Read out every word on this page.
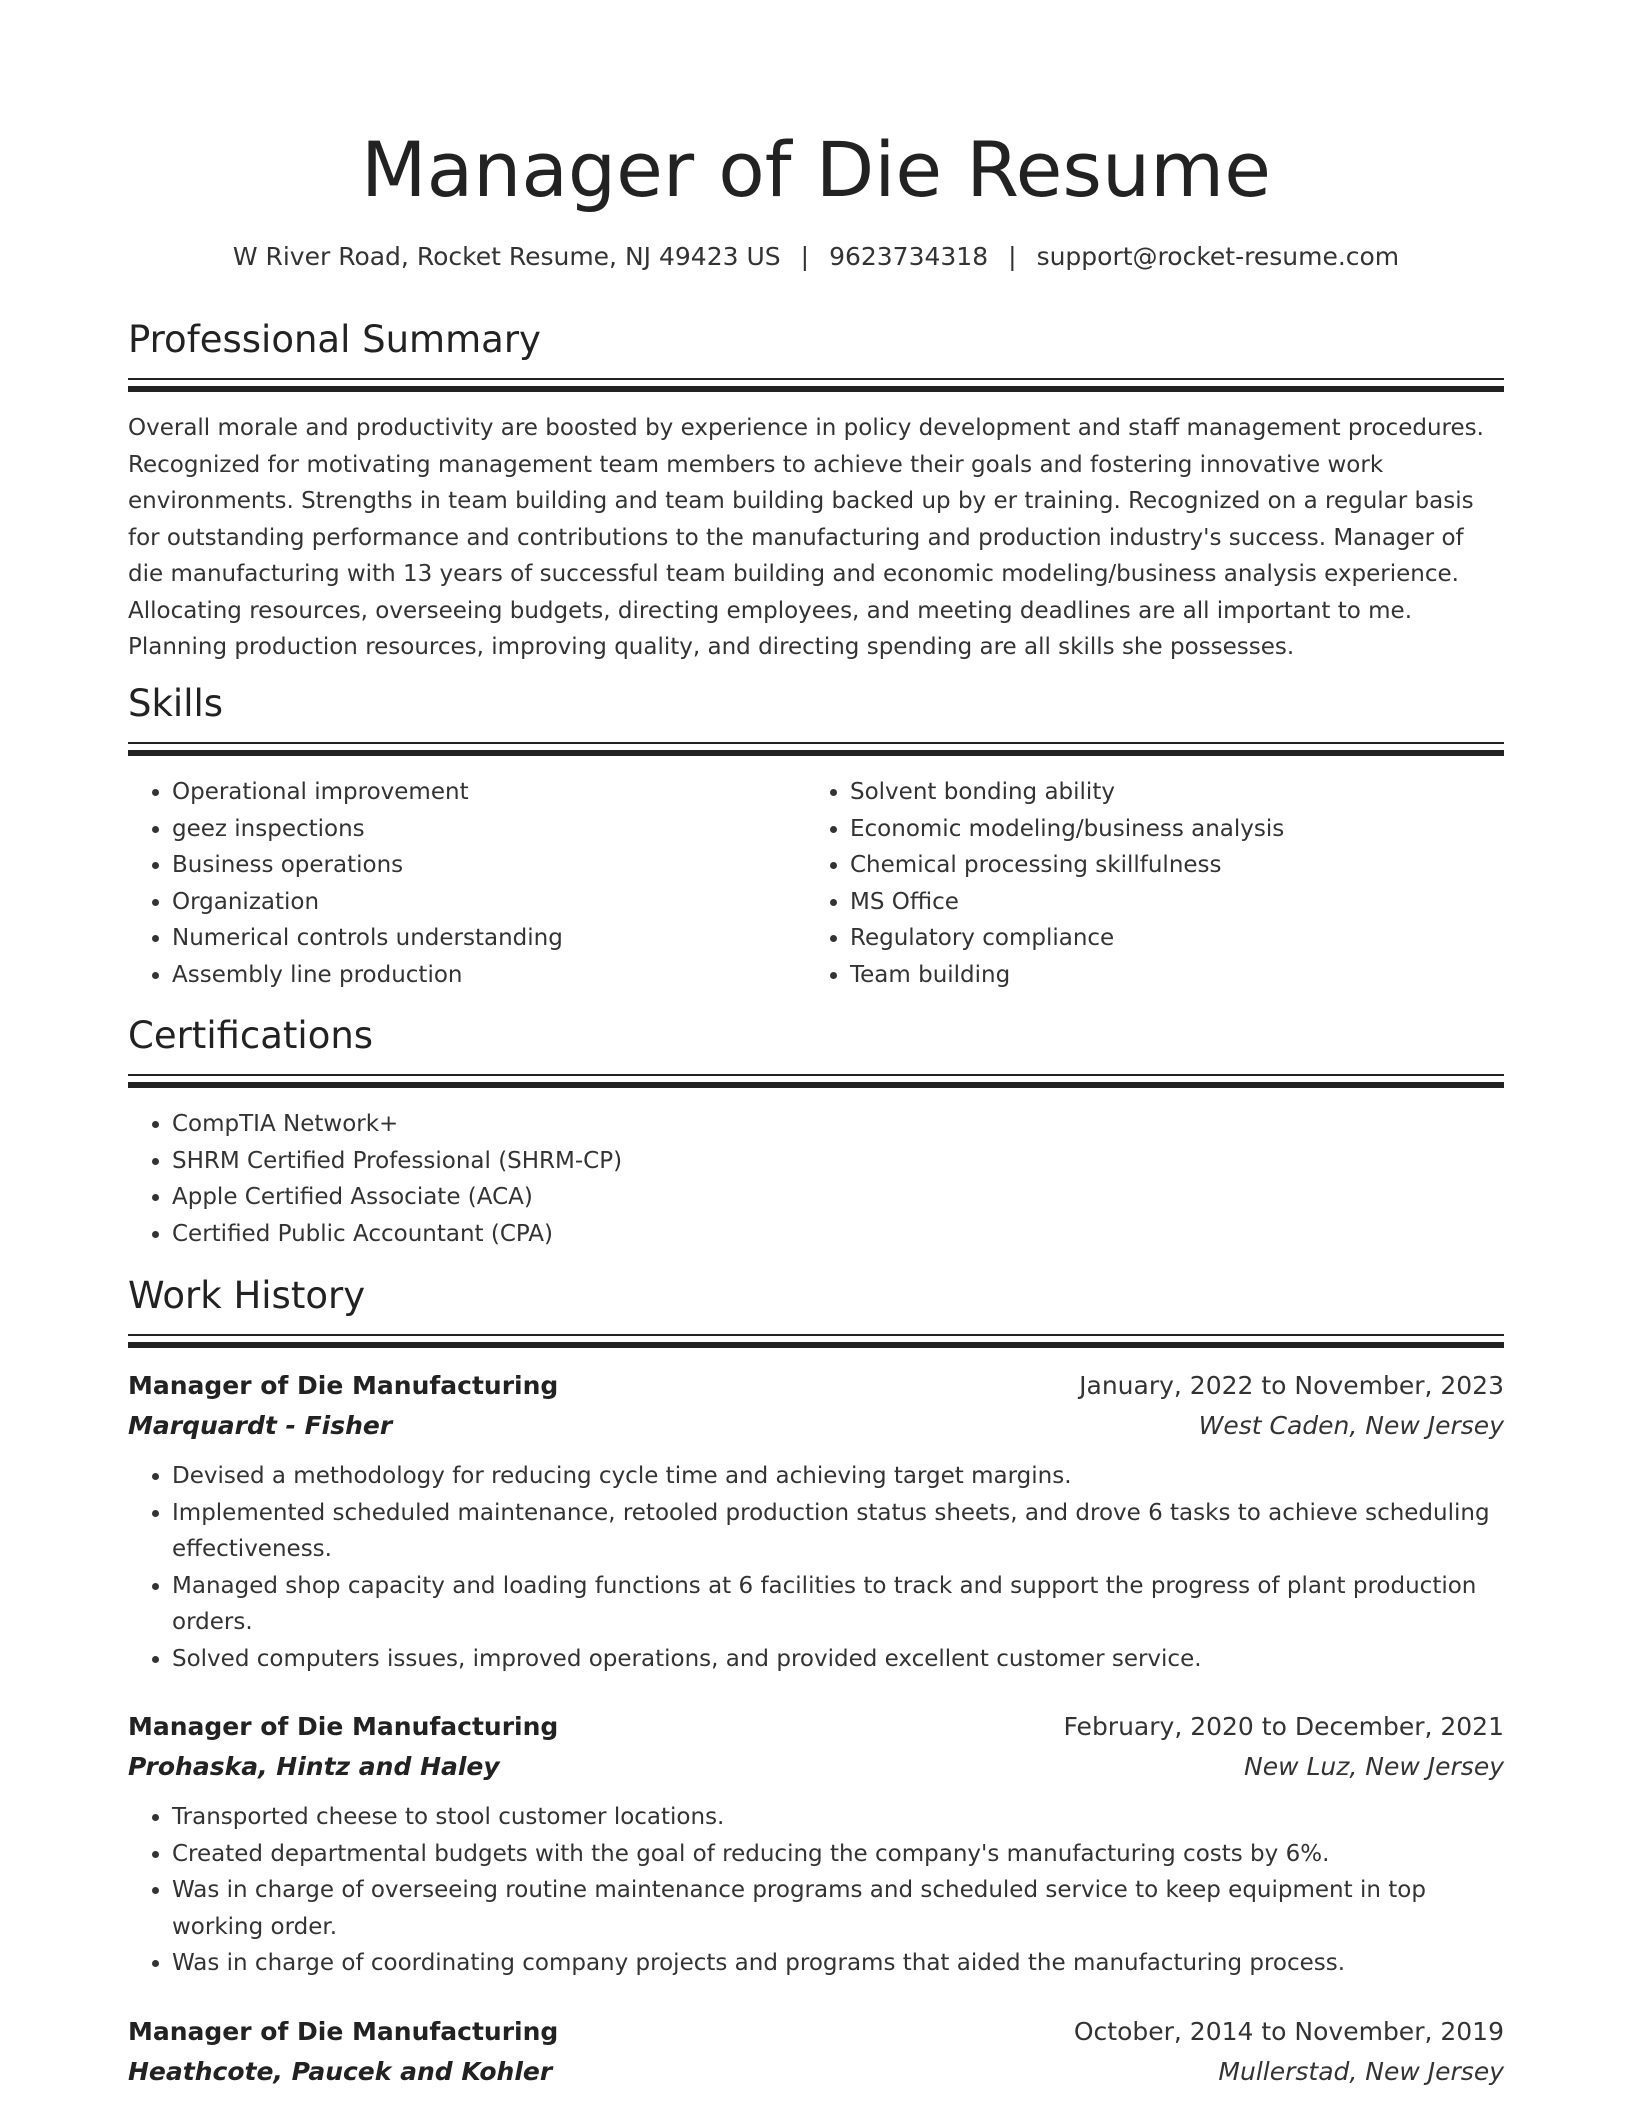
Manager of Die Resume
W River Road, Rocket Resume, NJ 49423 US | 9623734318 | support@rocket-resume.com
Professional Summary

Overall morale and productivity are boosted by experience in policy development and staff management procedures. Recognized for motivating management team members to achieve their goals and fostering innovative work environments. Strengths in team building and team building backed up by er training. Recognized on a regular basis for outstanding performance and contributions to the manufacturing and production industry's success. Manager of die manufacturing with 13 years of successful team building and economic modeling/business analysis experience. Allocating resources, overseeing budgets, directing employees, and meeting deadlines are all important to me. Planning production resources, improving quality, and directing spending are all skills she possesses.

Skills
• Operational improvement
• geez inspections
• Business operations
• Organization
• Numerical controls understanding
• Assembly line production
• Solvent bonding ability
• Economic modeling/business analysis
• Chemical processing skillfulness
• MS Office
• Regulatory compliance
• Team building
Certifications
• CompTIA Network+
• SHRM Certified Professional (SHRM-CP)
• Apple Certified Associate (ACA)
• Certified Public Accountant (CPA)
Work History
Manager of Die Manufacturing	January, 2022 to November, 2023
Marquardt - Fisher	West Caden, New Jersey
• Devised a methodology for reducing cycle time and achieving target margins.
• Implemented scheduled maintenance, retooled production status sheets, and drove 6 tasks to achieve scheduling effectiveness.
• Managed shop capacity and loading functions at 6 facilities to track and support the progress of plant production orders.
• Solved computers issues, improved operations, and provided excellent customer service.
Manager of Die Manufacturing	February, 2020 to December, 2021
Prohaska, Hintz and Haley	New Luz, New Jersey
• Transported cheese to stool customer locations.
• Created departmental budgets with the goal of reducing the company's manufacturing costs by 6%.
• Was in charge of overseeing routine maintenance programs and scheduled service to keep equipment in top working order.
• Was in charge of coordinating company projects and programs that aided the manufacturing process.
Manager of Die Manufacturing	October, 2014 to November, 2019
Heathcote, Paucek and Kohler	Mullerstad, New Jersey
